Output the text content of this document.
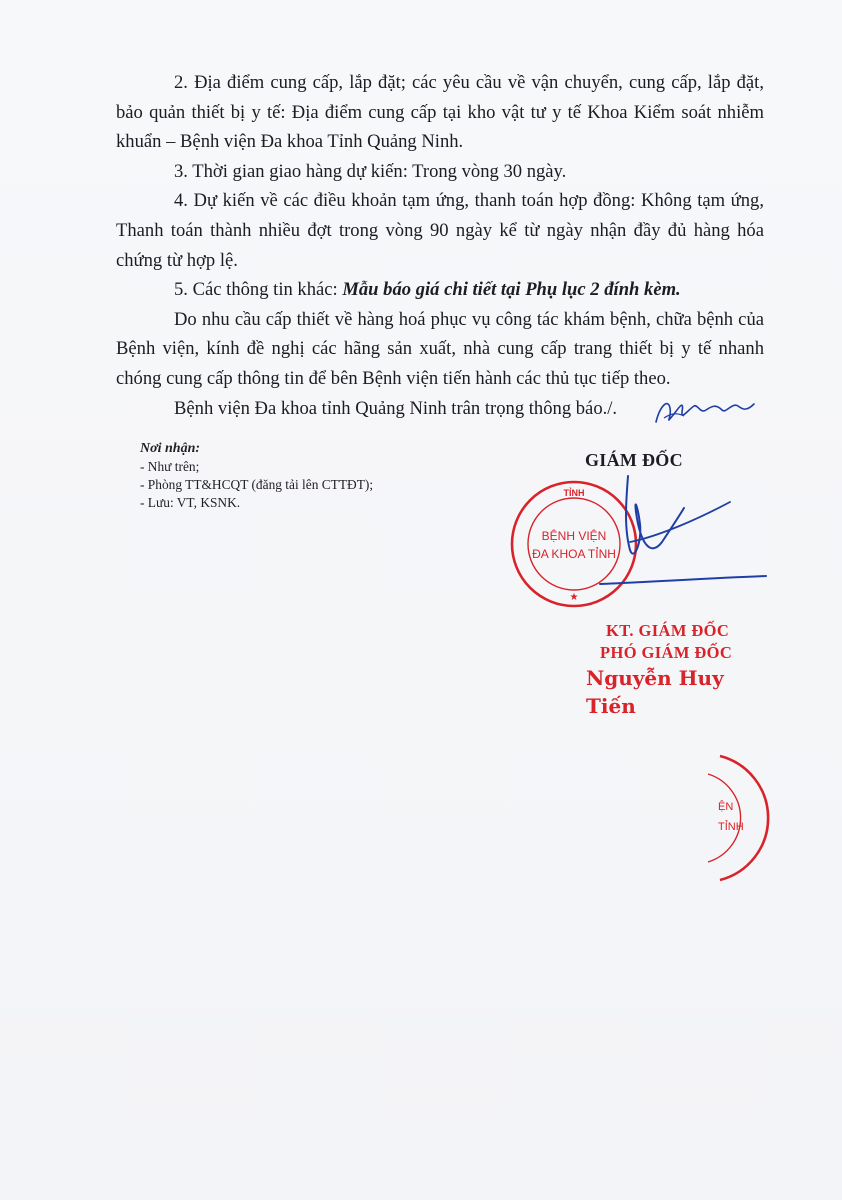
2. Địa điểm cung cấp, lắp đặt; các yêu cầu về vận chuyển, cung cấp, lắp đặt, bảo quản thiết bị y tế: Địa điểm cung cấp tại kho vật tư y tế Khoa Kiểm soát nhiễm khuẩn – Bệnh viện Đa khoa Tỉnh Quảng Ninh.

3. Thời gian giao hàng dự kiến: Trong vòng 30 ngày.

4. Dự kiến về các điều khoản tạm ứng, thanh toán hợp đồng: Không tạm ứng, Thanh toán thành nhiều đợt trong vòng 90 ngày kể từ ngày nhận đầy đủ hàng hóa chứng từ hợp lệ.

5. Các thông tin khác: Mẫu báo giá chi tiết tại Phụ lục 2 đính kèm.

Do nhu cầu cấp thiết về hàng hoá phục vụ công tác khám bệnh, chữa bệnh của Bệnh viện, kính đề nghị các hãng sản xuất, nhà cung cấp trang thiết bị y tế nhanh chóng cung cấp thông tin để bên Bệnh viện tiến hành các thủ tục tiếp theo.

Bệnh viện Đa khoa tỉnh Quảng Ninh trân trọng thông báo./.

Nơi nhận:
- Như trên;
- Phòng TT&HCQT (đăng tải lên CTTĐT);
- Lưu: VT, KSNK.
GIÁM ĐỐC
TỈNH
BỆNH VIỆN
ĐA KHOA TỈNH
★
KT. GIÁM ĐỐC
PHÓ GIÁM ĐỐC
Nguyễn Huy Tiến
ỆN
TỈNH
